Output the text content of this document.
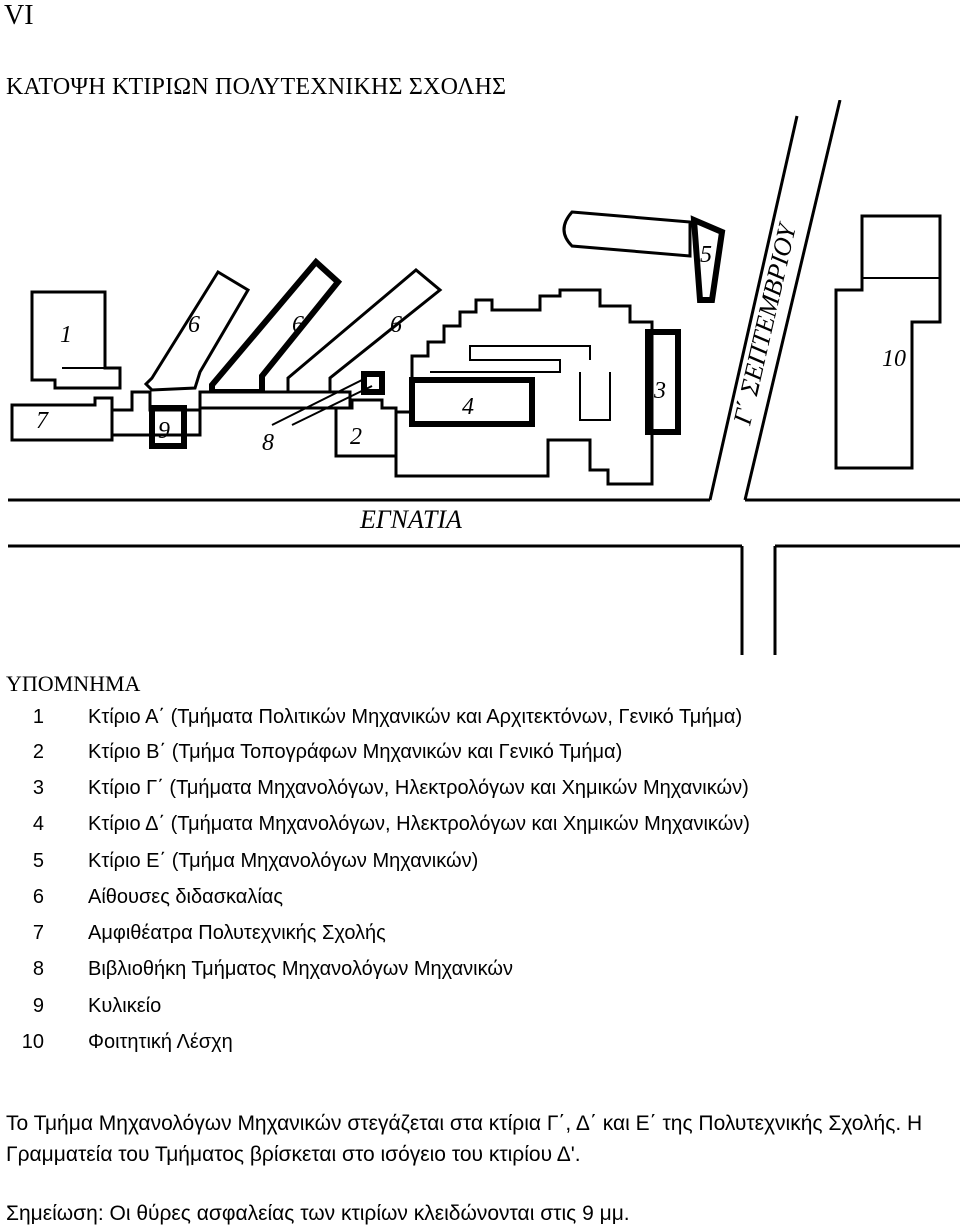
VI
ΚΑΤΟΨΗ ΚΤΙΡΙΩΝ ΠΟΛΥΤΕΧΝΙΚΗΣ ΣΧΟΛΗΣ
1
7	9	8	2
6	6	6
4
3
5
10
ΕΓΝΑΤΙΑ
Γ΄ ΣΕΠΤΕΜΒΡΙΟΥ
ΥΠΟΜΝΗΜΑ
1 Κτίριο Α΄ (Τμήματα Πολιτικών Μηχανικών και Αρχιτεκτόνων, Γενικό Τμήμα)
2 Κτίριο Β΄ (Τμήμα Τοπογράφων Μηχανικών και Γενικό Τμήμα)
3 Κτίριο Γ΄ (Τμήματα Μηχανολόγων, Ηλεκτρολόγων και Χημικών Μηχανικών)
4 Κτίριο Δ΄ (Τμήματα Μηχανολόγων, Ηλεκτρολόγων και Χημικών Μηχανικών)
5 Κτίριο Ε΄ (Τμήμα Μηχανολόγων Μηχανικών)
6 Αίθουσες διδασκαλίας
7 Αμφιθέατρα Πολυτεχνικής Σχολής
8 Βιβλιοθήκη Τμήματος Μηχανολόγων Μηχανικών
9 Κυλικείο
10 Φοιτητική Λέσχη
Το Τμήμα Μηχανολόγων Μηχανικών στεγάζεται στα κτίρια Γ΄, Δ΄ και Ε΄ της Πολυτεχνικής Σχολής. Η Γραμματεία του Τμήματος βρίσκεται στο ισόγειο του κτιρίου Δ'.
Σημείωση: Οι θύρες ασφαλείας των κτιρίων κλειδώνονται στις 9 μμ.
